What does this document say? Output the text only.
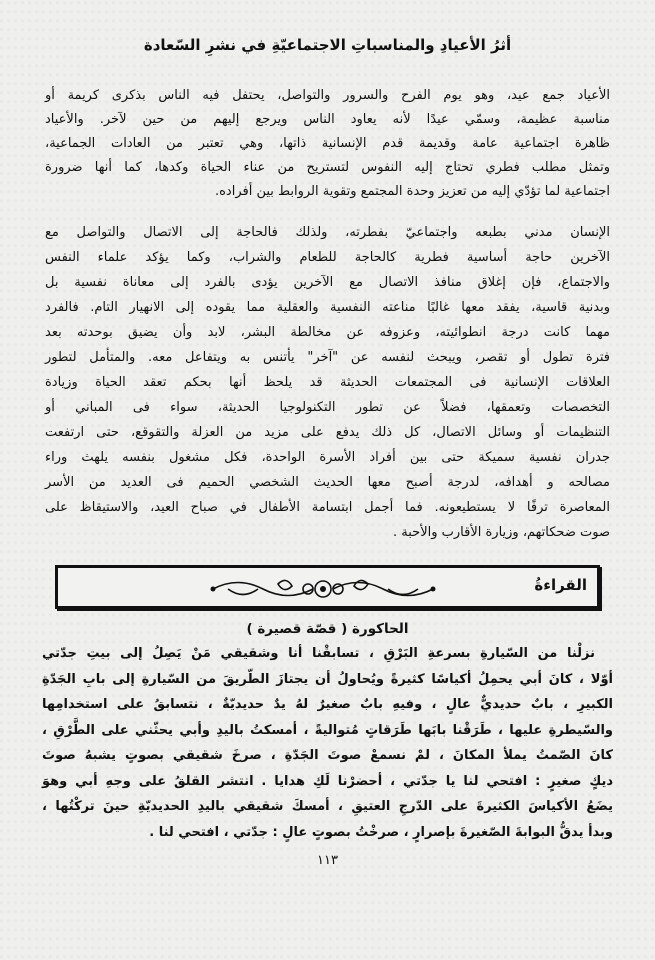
أثرُ الأعيادِ والمناسباتِ الاجتماعيّةِ في نشرِ السّعادة
الأعياد جمع عيد، وهو يوم الفرح والسرور والتواصل، يحتفل فيه الناس بذكرى كريمة أو
مناسبة عظيمة، وسمّي عيدًا لأنه يعاود الناس ويرجع إليهم من حين لآخر. والأعياد
ظاهرة اجتماعية عامة وقديمة قدم الإنسانية ذاتها، وهي تعتبر من العادات الجماعية،
وتمثل مطلب فطري تحتاج إليه النفوس لتستريح من عناء الحياة وكدها، كما أنها ضرورة
اجتماعية لما تؤدّي إليه من تعزيز وحدة المجتمع وتقوية الروابط بين أفراده.
الإنسان مدني بطبعه واجتماعيّ بفطرته، ولذلك فالحاجة إلى الاتصال والتواصل مع
الآخرين حاجة أساسية فطرية كالحاجة للطعام والشراب، وكما يؤكد علماء النفس
والاجتماع، فإن إغلاق منافذ الاتصال مع الآخرين يؤدى بالفرد إلى معاناة نفسية بل
وبدنية قاسية، يفقد معها غالبًا مناعته النفسية والعقلية مما يقوده إلى الانهيار التام. فالفرد
مهما كانت درجة انطوائيته، وعزوفه عن مخالطة البشر، لابد وأن يضيق بوحدته بعد
فترة تطول أو تقصر، ويبحث لنفسه عن "آخر" يأتنس به ويتفاعل معه. والمتأمل لتطور
العلاقات الإنسانية فى المجتمعات الحديثة قد يلحظ أنها بحكم تعقد الحياة وزيادة
التخصصات وتعمقها، فضلاً عن تطور التكنولوجيا الحديثة، سواء فى المباني أو
التنظيمات أو وسائل الاتصال، كل ذلك يدفع على مزيد من العزلة والتقوقع، حتى ارتفعت
جدران نفسية سميكة حتى بين أفراد الأسرة الواحدة، فكل مشغول بنفسه يلهث وراء
مصالحه و أهدافه، لدرجة أصبح معها الحديث الشخصي الحميم فى العديد من الأسر
المعاصرة ترفًا لا يستطيعونه. فما أجمل ابتسامة الأطفال في صباح العيد، والاستيقاظ على
صوت ضحكاتهم، وزيارة الأقارب والأحبة .
القراءةُ
الحاكورة ( قصّة قصيرة )
نزلْنا من السّيارةِ بسرعةِ البَرْقِ ، تسابقْنا أنا وشقيقي مَنْ يَصِلُ إلى بيتِ جدّتي
أوّلا ، كانَ أبي يحمِلُ أكياسًا كثيرةً ويُحاولُ أن يجتازَ الطّريقَ من السّيارةِ إلى بابِ الجَدّةِ
الكبيرِ ، بابٌ حديديٌّ عالٍ ، وفيهِ بابٌ صغيرٌ لهُ يدٌ حديديّةٌ ، نتسابقُ على استخدامِها
والسّيطرةِ عليها ، طَرَقْنا بابَها طَرَقاتٍ مُتواليةً ، أمسكتُ باليدِ وأبي يحثّني على الطَّرْقِ ،
كانَ الصّمتُ يملأ المكانَ ، لمْ نسمعْ صوتَ الجَدّةِ ، صرخَ شقيقي بصوتٍ يشبهُ صوتَ
ديكٍ صغيرٍ : افتحي لنا يا جدّتي ، أحضرْنا لَكِ هدايا . انتشر القلقُ على وجهِ أبي وهوَ
يضَعُ الأكياسَ الكثيرةَ على الدّرجِ العتيقِ ، أمسكَ شقيقي باليدِ الحديديّةِ حينَ تركْتُها ،
وبدأ يدقُّ البوابةَ الصّغيرةَ بإصرارٍ ، صرخْتُ بصوتٍ عالٍ : جدّتي ، افتحي لنا .
١١٣
